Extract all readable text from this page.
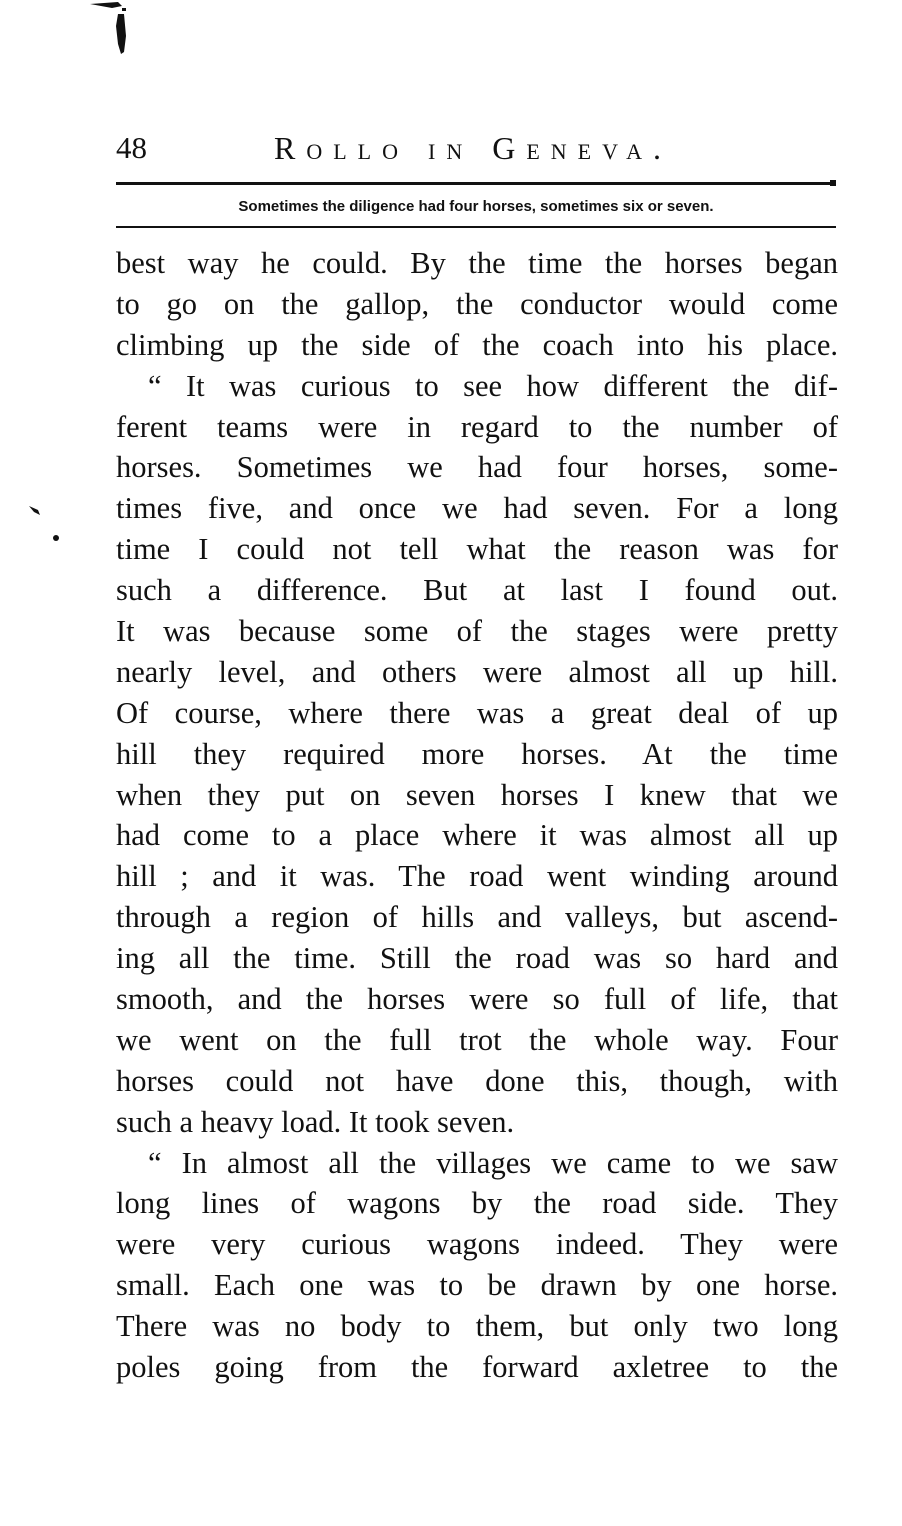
48	Rollo in Geneva.
Sometimes the diligence had four horses, sometimes six or seven.
best way he could. By the time the horses began
to go on the gallop, the conductor would come
climbing up the side of the coach into his place.
“ It was curious to see how different the dif-
ferent teams were in regard to the number of
horses. Sometimes we had four horses, some-
times five, and once we had seven. For a long
time I could not tell what the reason was for
such a difference. But at last I found out.
It was because some of the stages were pretty
nearly level, and others were almost all up hill.
Of course, where there was a great deal of up
hill they required more horses. At the time
when they put on seven horses I knew that we
had come to a place where it was almost all up
hill ; and it was. The road went winding around
through a region of hills and valleys, but ascend-
ing all the time. Still the road was so hard and
smooth, and the horses were so full of life, that
we went on the full trot the whole way. Four
horses could not have done this, though, with
such a heavy load. It took seven.
“ In almost all the villages we came to we saw
long lines of wagons by the road side. They
were very curious wagons indeed. They were
small. Each one was to be drawn by one horse.
There was no body to them, but only two long
poles going from the forward axletree to the
